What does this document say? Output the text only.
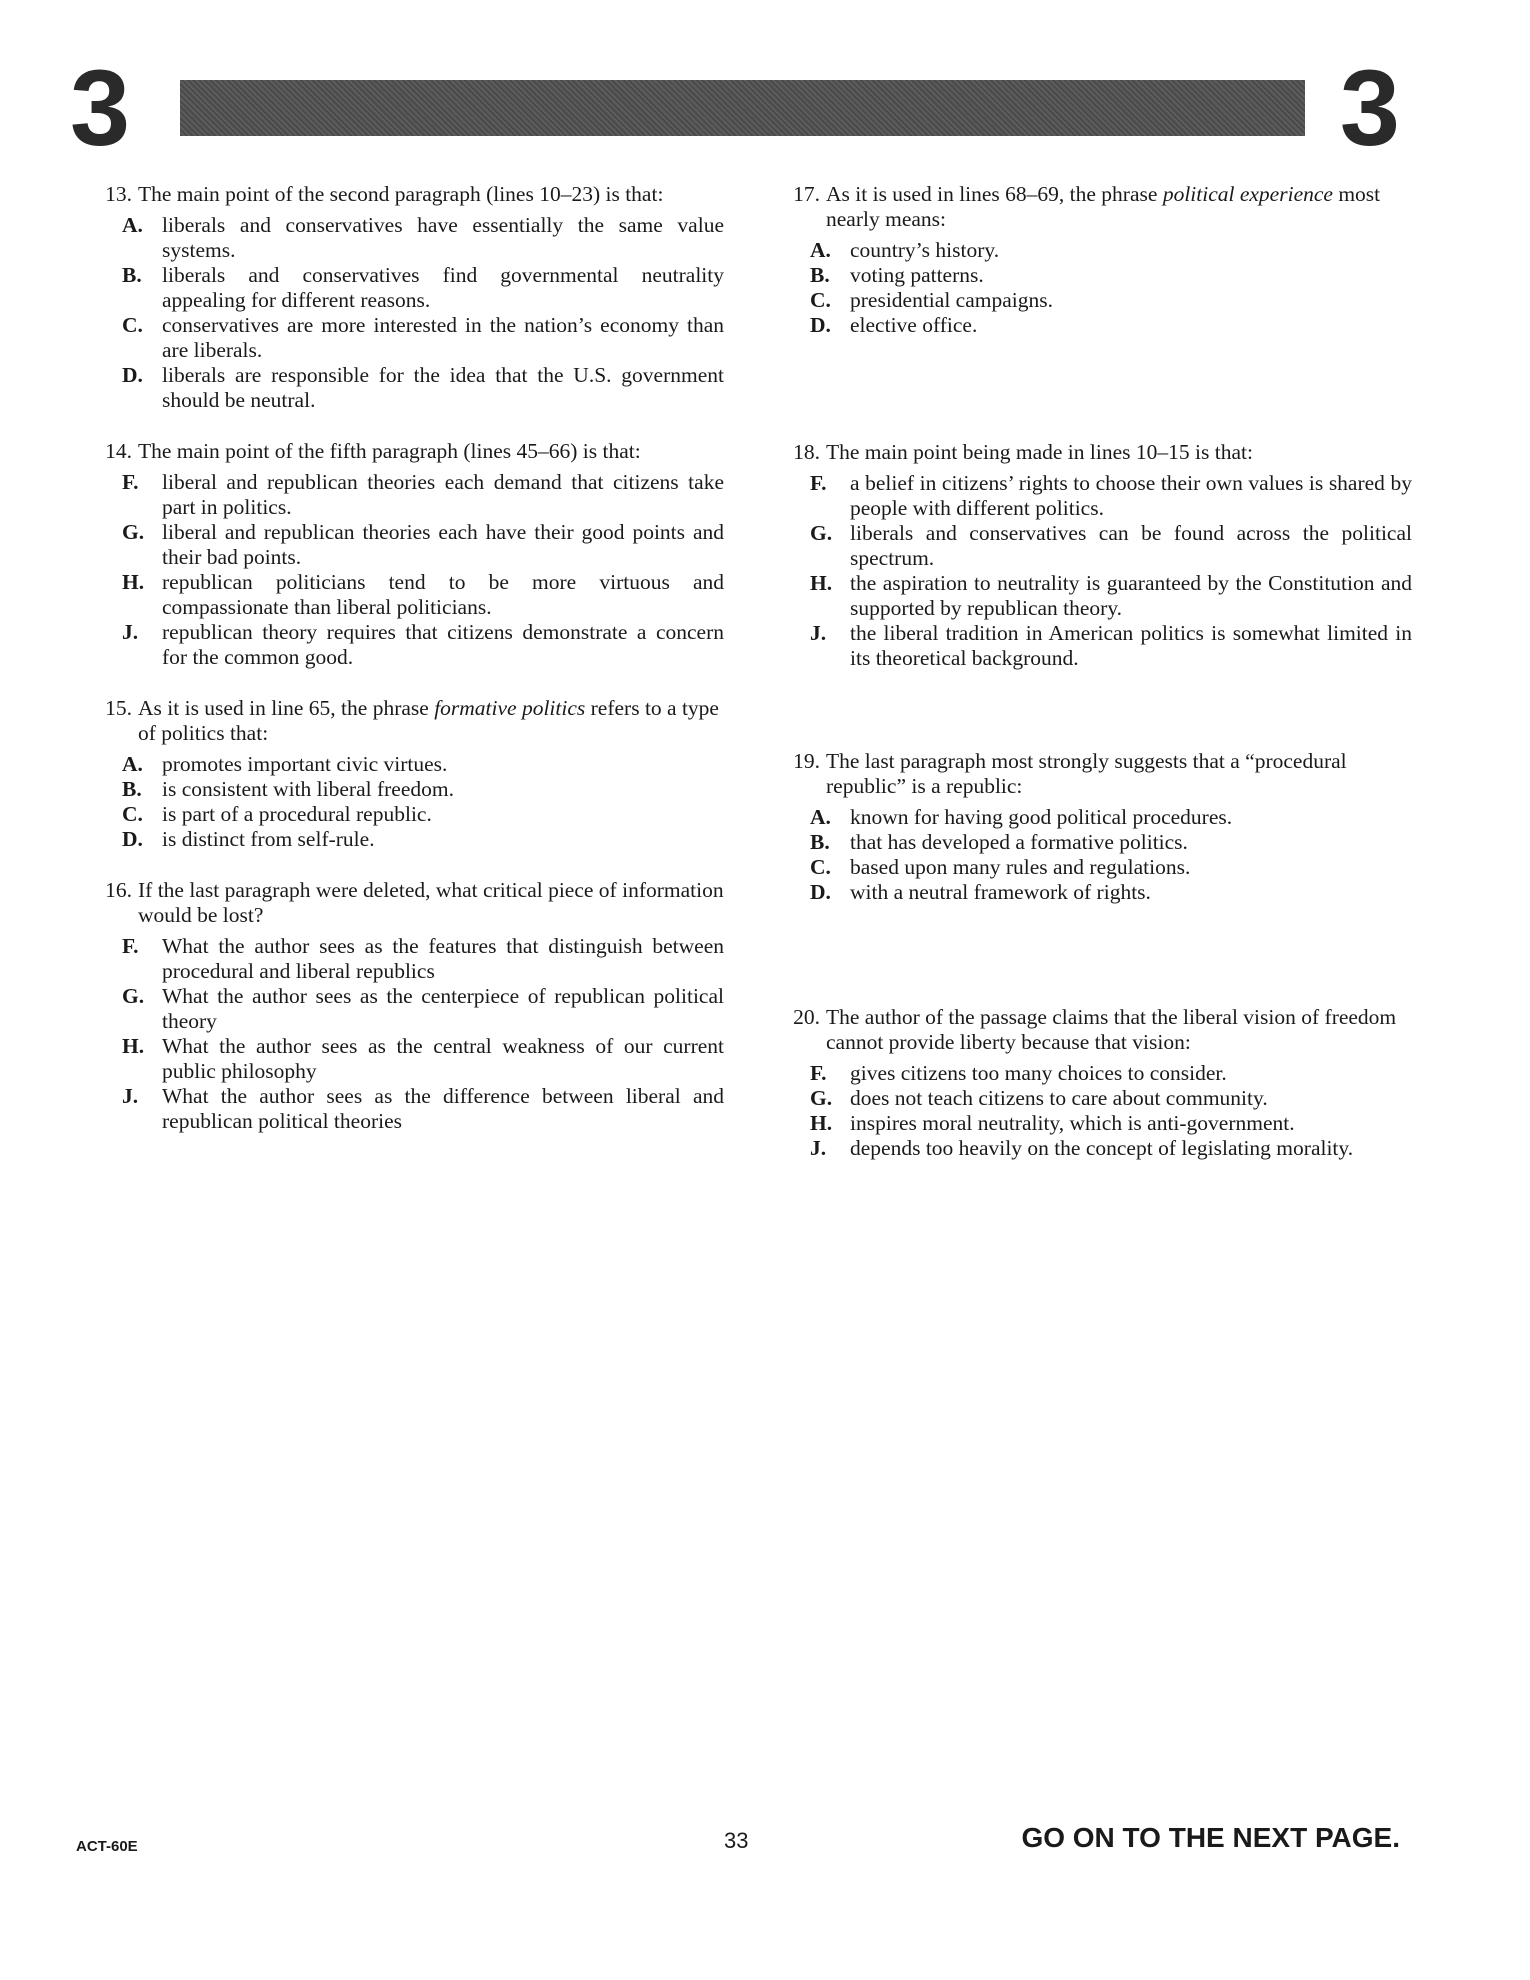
3	3
13. The main point of the second paragraph (lines 10–23) is that:
A. liberals and conservatives have essentially the same value systems.
B. liberals and conservatives find governmental neutrality appealing for different reasons.
C. conservatives are more interested in the nation’s economy than are liberals.
D. liberals are responsible for the idea that the U.S. government should be neutral.
14. The main point of the fifth paragraph (lines 45–66) is that:
F.	liberal and republican theories each demand that citizens take part in politics.
G. liberal and republican theories each have their good points and their bad points.
H. republican politicians tend to be more virtuous and compassionate than liberal politicians.
J.	republican theory requires that citizens demonstrate a concern for the common good.
15. As it is used in line 65, the phrase formative politics refers to a type of politics that:
A. promotes important civic virtues.
B. is consistent with liberal freedom.
C. is part of a procedural republic.
D. is distinct from self-rule.
16. If the last paragraph were deleted, what critical piece of information would be lost?
F.	What the author sees as the features that distinguish between procedural and liberal republics
G. What the author sees as the centerpiece of republican political theory
H. What the author sees as the central weakness of our current public philosophy
J.	What the author sees as the difference between liberal and republican political theories
17. As it is used in lines 68–69, the phrase political experience most nearly means:
A. country’s history.
B. voting patterns.
C. presidential campaigns.
D. elective office.
18. The main point being made in lines 10–15 is that:
F.	a belief in citizens’ rights to choose their own values is shared by people with different politics.
G. liberals and conservatives can be found across the political spectrum.
H. the aspiration to neutrality is guaranteed by the Constitution and supported by republican theory.
J.	the liberal tradition in American politics is somewhat limited in its theoretical background.
19. The last paragraph most strongly suggests that a “procedural republic” is a republic:
A. known for having good political procedures.
B. that has developed a formative politics.
C. based upon many rules and regulations.
D. with a neutral framework of rights.
20. The author of the passage claims that the liberal vision of freedom cannot provide liberty because that vision:
F.	gives citizens too many choices to consider.
G. does not teach citizens to care about community.
H. inspires moral neutrality, which is anti-government.
J.	depends too heavily on the concept of legislating morality.
ACT-60E	33	GO ON TO THE NEXT PAGE.
